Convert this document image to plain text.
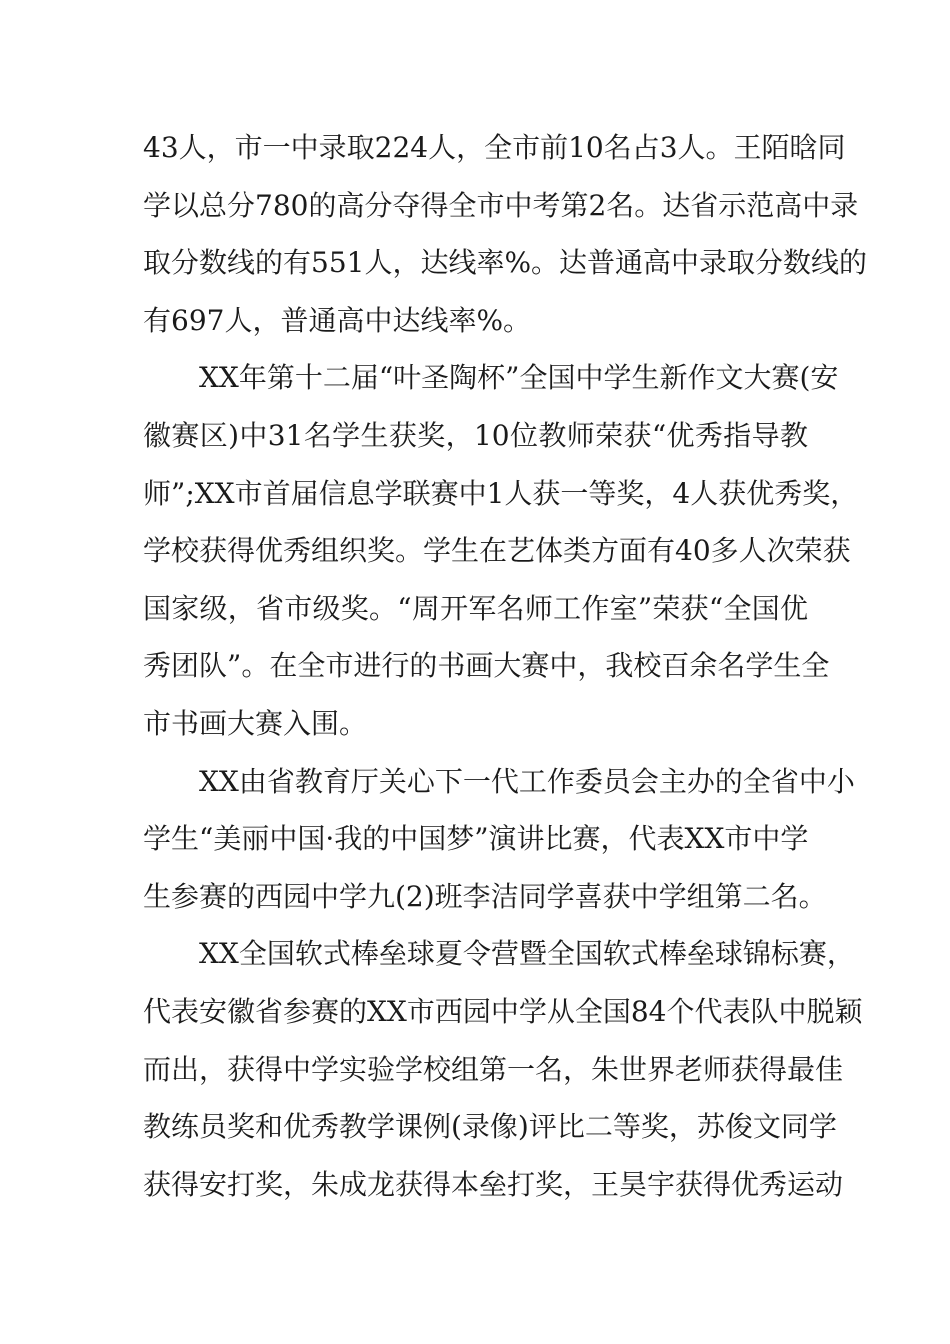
43人，市一中录取224人，全市前10名占3人。王陌晗同
学以总分780的高分夺得全市中考第2名。达省示范高中录
取分数线的有551人，达线率%。达普通高中录取分数线的
有697人，普通高中达线率%。
XX年第十二届“叶圣陶杯”全国中学生新作文大赛(安
徽赛区)中31名学生获奖，10位教师荣获“优秀指导教
师”;XX市首届信息学联赛中1人获一等奖，4人获优秀奖，
学校获得优秀组织奖。学生在艺体类方面有40多人次荣获
国家级，省市级奖。“周开军名师工作室”荣获“全国优
秀团队”。在全市进行的书画大赛中，我校百余名学生全
市书画大赛入围。
XX由省教育厅关心下一代工作委员会主办的全省中小
学生“美丽中国·我的中国梦”演讲比赛，代表XX市中学
生参赛的西园中学九(2)班李洁同学喜获中学组第二名。
XX全国软式棒垒球夏令营暨全国软式棒垒球锦标赛，
代表安徽省参赛的XX市西园中学从全国84个代表队中脱颖
而出，获得中学实验学校组第一名，朱世界老师获得最佳
教练员奖和优秀教学课例(录像)评比二等奖，苏俊文同学
获得安打奖，朱成龙获得本垒打奖，王昊宇获得优秀运动
